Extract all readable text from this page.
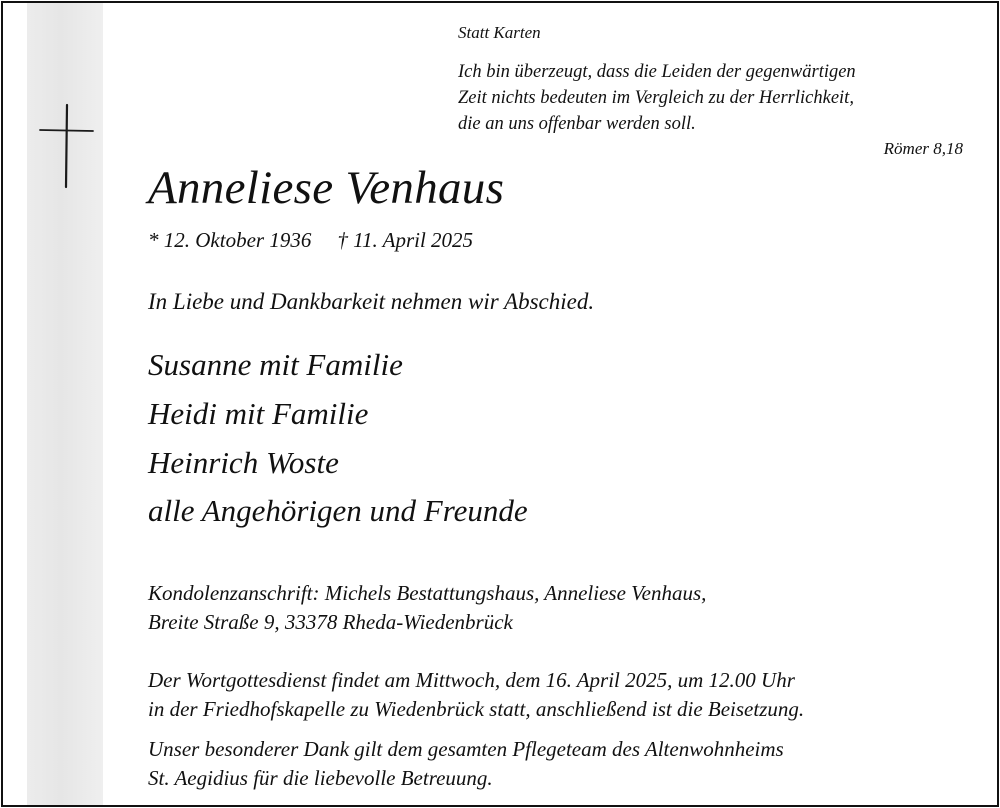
Statt Karten
Ich bin überzeugt, dass die Leiden der gegenwärtigen
Zeit nichts bedeuten im Vergleich zu der Herrlichkeit,
die an uns offenbar werden soll.
Römer 8,18
Anneliese Venhaus
* 12. Oktober 1936 † 11. April 2025
In Liebe und Dankbarkeit nehmen wir Abschied.
Susanne mit Familie
Heidi mit Familie
Heinrich Woste
alle Angehörigen und Freunde
Kondolenzanschrift: Michels Bestattungshaus, Anneliese Venhaus,
Breite Straße 9, 33378 Rheda-Wiedenbrück
Der Wortgottesdienst findet am Mittwoch, dem 16. April 2025, um 12.00 Uhr
in der Friedhofskapelle zu Wiedenbrück statt, anschließend ist die Beisetzung.
Unser besonderer Dank gilt dem gesamten Pflegeteam des Altenwohnheims
St. Aegidius für die liebevolle Betreuung.
